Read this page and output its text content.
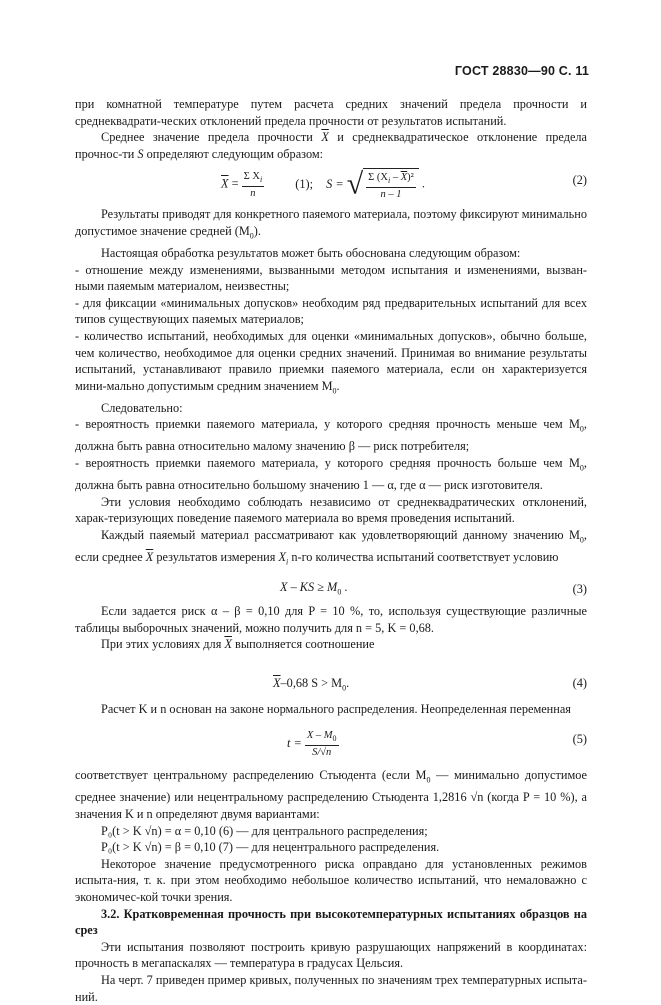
ГОСТ 28830—90 С. 11

при комнатной температуре путем расчета средних значений предела прочности и среднеквадрати-ческих отклонений предела прочности от результатов испытаний.

Среднее значение предела прочности $\overline{X}$ и среднеквадратическое отклонение предела прочнос-ти S определяют следующим образом:

$\overline{X} = \frac{\Sigma X_i}{n}$	(1); S = √ $\frac{\Sigma (X_i - \overline{X})^2}{n - 1}$ .	(2)

Результаты приводят для конкретного паяемого материала, поэтому фиксируют минимально допустимое значение средней $(M_0)$.

Настоящая обработка результатов может быть обоснована следующим образом:

- отношение между изменениями, вызванными методом испытания и изменениями, вызван-ными паяемым материалом, неизвестны;

- для фиксации «минимальных допусков» необходим ряд предварительных испытаний для всех типов существующих паяемых материалов;

- количество испытаний, необходимых для оценки «минимальных допусков», обычно больше, чем количество, необходимое для оценки средних значений. Принимая во внимание результаты испытаний, устанавливают правило приемки паяемого материала, если он характеризуется мини-мально допустимым средним значением $M_0$.

Следовательно:

- вероятность приемки паяемого материала, у которого средняя прочность меньше чем $M_0$, должна быть равна относительно малому значению β — риск потребителя;

- вероятность приемки паяемого материала, у которого средняя прочность больше чем $M_0$, должна быть равна относительно большому значению 1 — α, где α — риск изготовителя.

Эти условия необходимо соблюдать независимо от среднеквадратических отклонений, харак-теризующих поведение паяемого материала во время проведения испытаний.

Каждый паяемый материал рассматривают как удовлетворяющий данному значению $M_0$, если среднее $\overline{X}$ результатов измерения $X_i$ n-го количества испытаний соответствует условию

X – KS ≥ $M_0$ .	(3)

Если задается риск α – β = 0,10 для P = 10 %, то, используя существующие различные таблицы выборочных значений, можно получить для n = 5, K = 0,68.

При этих условиях для $\overline{X}$ выполняется соотношение

$\overline{X}-0,68$ $S > M_0$.	(4)

Расчет K и n основан на законе нормального распределения. Неопределенная переменная

$t = \frac{X - M_0}{S/√n}$	(5)

соответствует центральному распределению Стьюдента (если $M_0$ — минимально допустимое среднее значение) или нецентральному распределению Стьюдента 1,2816 √n (когда P = 10 %), а значения K и n определяют двумя вариантами:

P₀(t > K √n) = α = 0,10 (6) — для центрального распределения;

P₀(t > K √n) = β = 0,10 (7) — для нецентрального распределения.

Некоторое значение предусмотренного риска оправдано для установленных режимов испыта-ния, т. к. при этом необходимо небольшое количество испытаний, что немаловажно с экономичес-кой точки зрения.

3.2. Кратковременная прочность при высокотемпературных испытаниях образцов на срез

Эти испытания позволяют построить кривую разрушающих напряжений в координатах: прочность в мегапаскалях — температура в градусах Цельсия.

На черт. 7 приведен пример кривых, полученных по значениям трех температурных испыта-ний.
